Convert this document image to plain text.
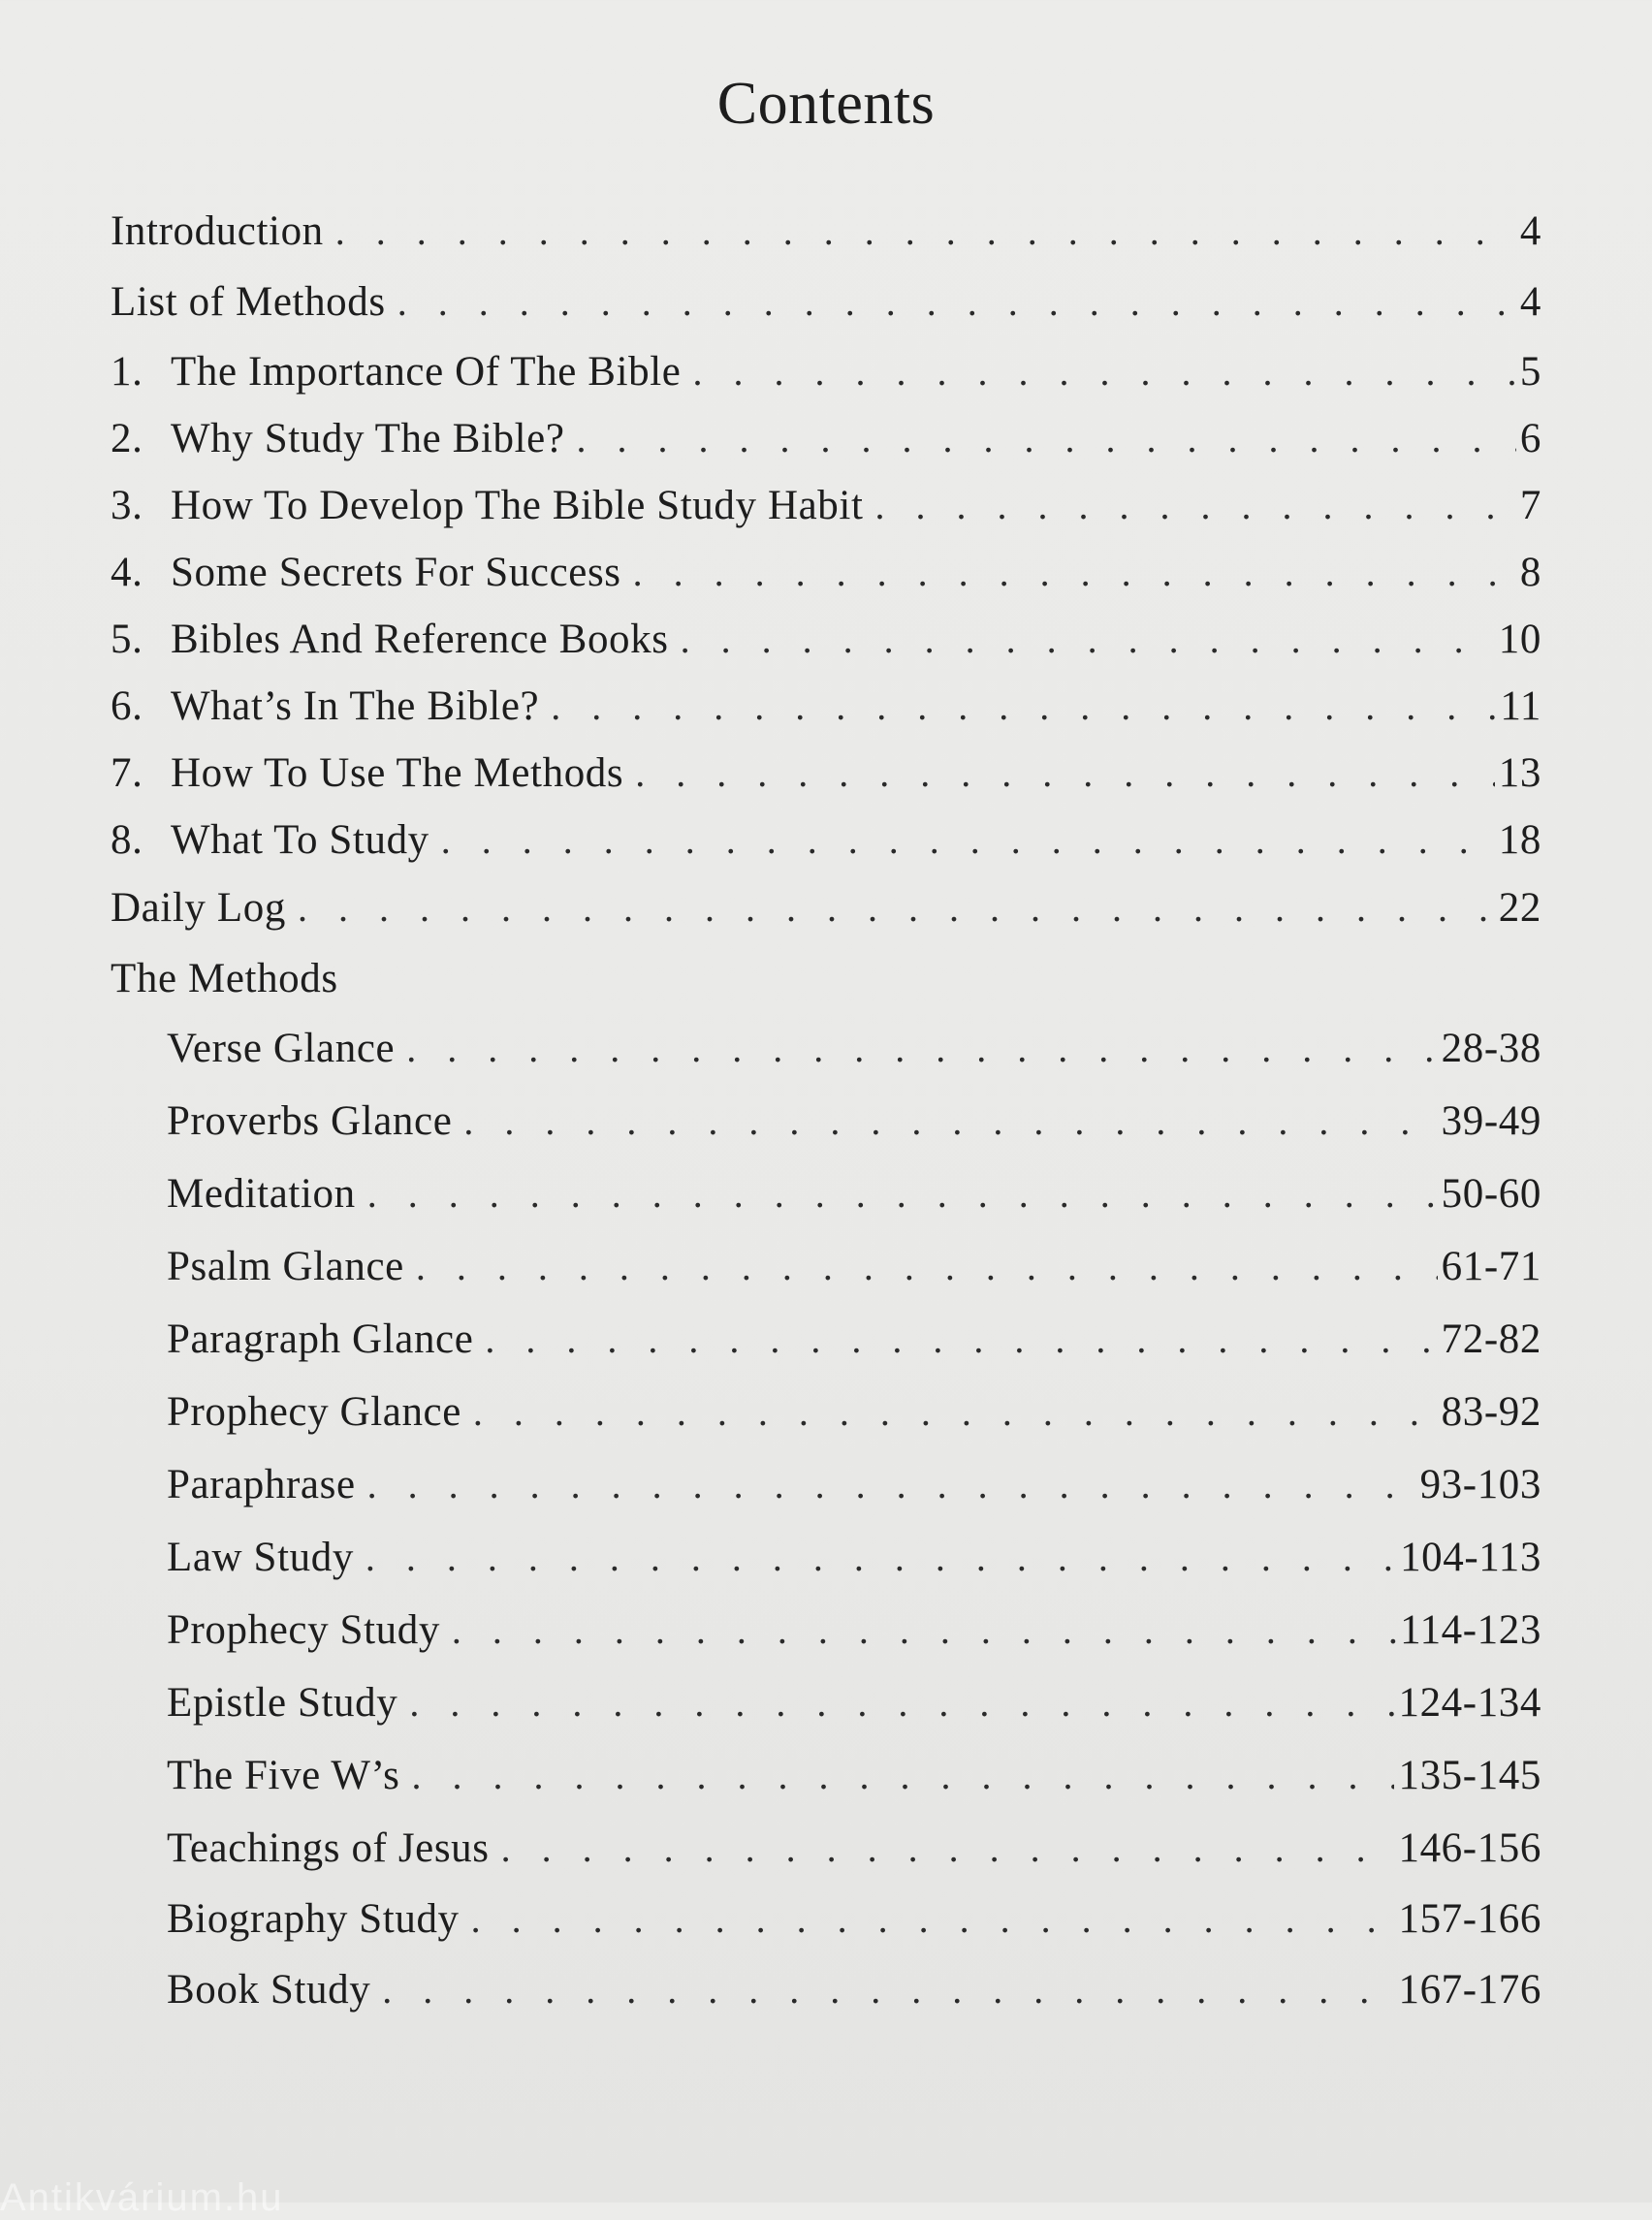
Contents
Introduction . . .	4
List of Methods . . .	4
1. The Importance Of The Bible . . .	5
2. Why Study The Bible? . . .	6
3. How To Develop The Bible Study Habit . . .	7
4. Some Secrets For Success . . .	8
5. Bibles And Reference Books . . .	10
6. What’s In The Bible? . . .	11
7. How To Use The Methods . . .	13
8. What To Study . . .	18
Daily Log . . .	22
The Methods
Verse Glance . . .	28-38
Proverbs Glance . . .	39-49
Meditation . . .	50-60
Psalm Glance . . .	61-71
Paragraph Glance . . .	72-82
Prophecy Glance . . .	83-92
Paraphrase . . .	93-103
Law Study . . .	104-113
Prophecy Study . . .	114-123
Epistle Study . . .	124-134
The Five W’s . . .	135-145
Teachings of Jesus . . .	146-156
Biography Study . . .	157-166
Book Study . . .	167-176
Antikvárium.hu
